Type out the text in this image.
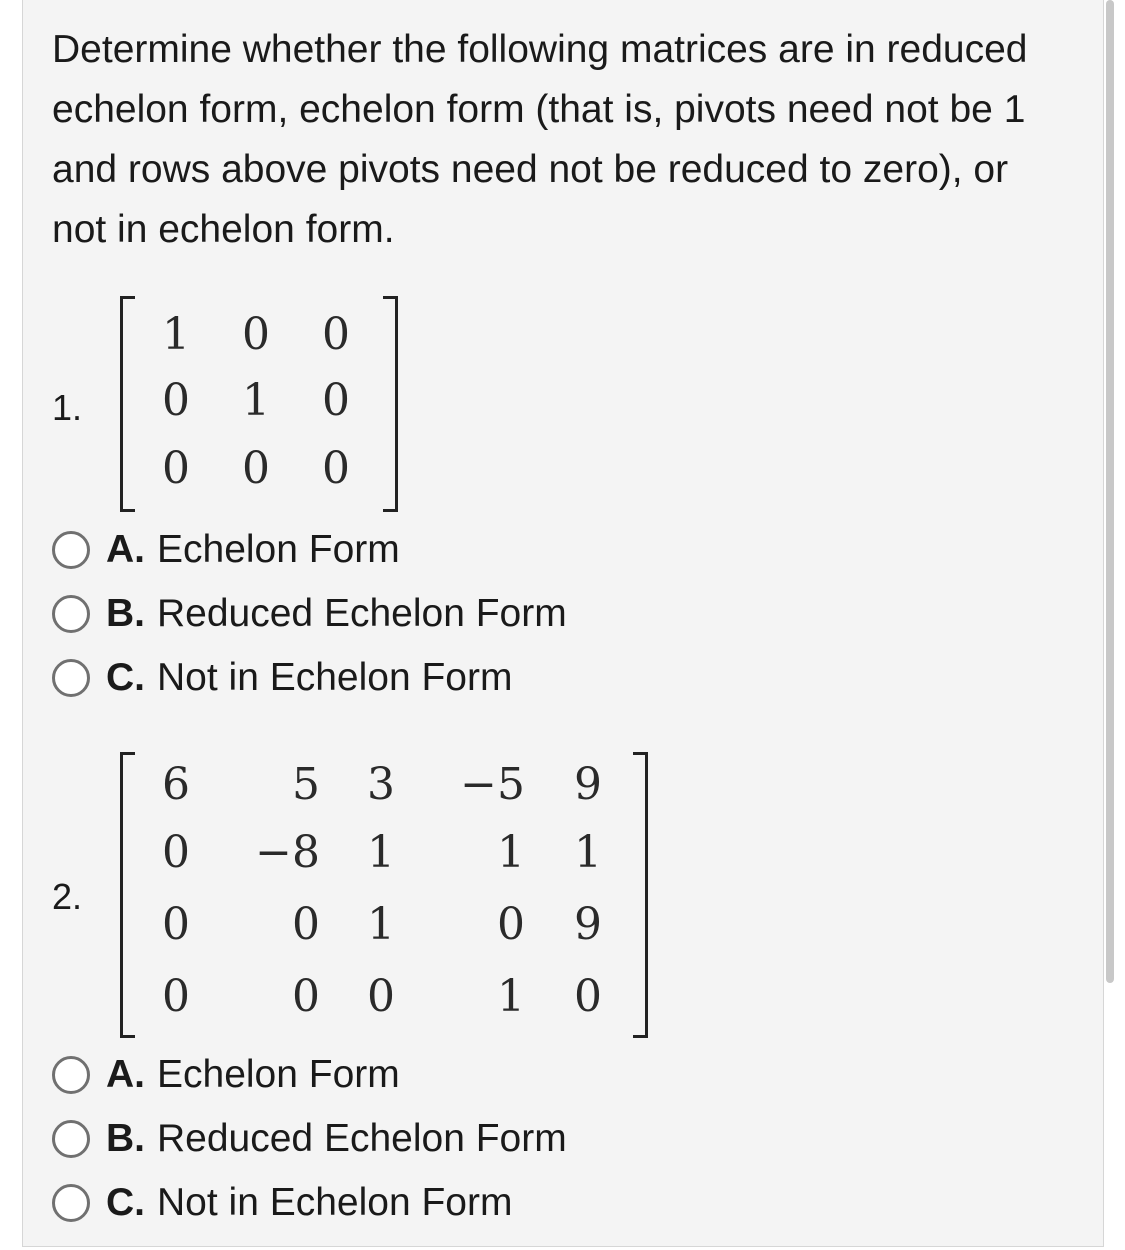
Determine whether the following matrices are in reduced echelon form, echelon form (that is, pivots need not be 1 and rows above pivots need not be reduced to zero), or not in echelon form.

1.
1 0 0
0 1 0
0 0 0
A. Echelon Form
B. Reduced Echelon Form
C. Not in Echelon Form
2.
6 5 3 −5 9
0 −8 1 1 1
0 0 1 0 9
0 0 0 1 0
A. Echelon Form
B. Reduced Echelon Form
C. Not in Echelon Form
